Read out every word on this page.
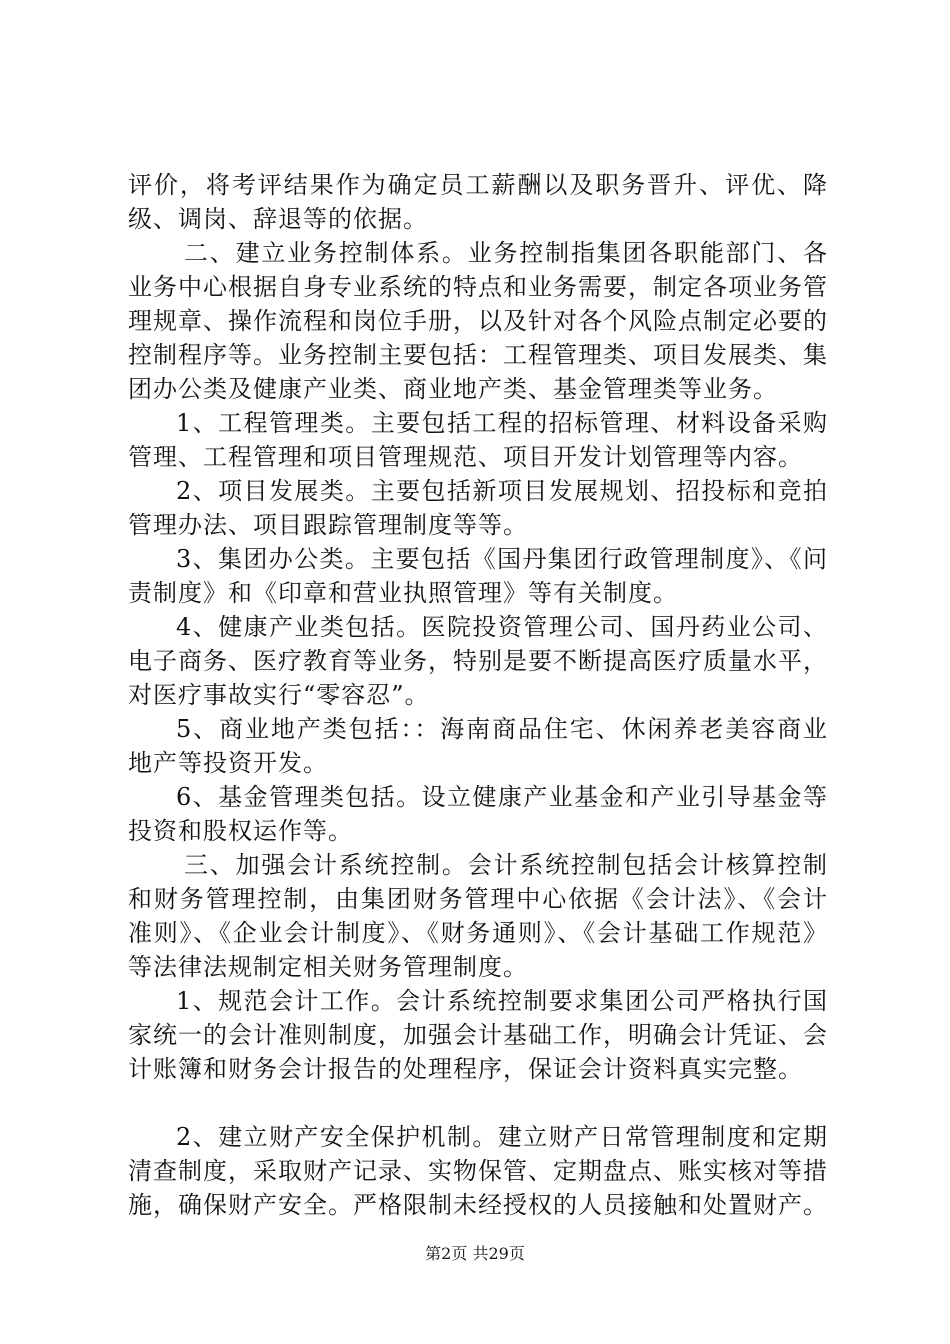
评价，将考评结果作为确定员工薪酬以及职务晋升、评优、降级、调岗、辞退等的依据。

二、建立业务控制体系。业务控制指集团各职能部门、各业务中心根据自身专业系统的特点和业务需要，制定各项业务管理规章、操作流程和岗位手册，以及针对各个风险点制定必要的控制程序等。业务控制主要包括：工程管理类、项目发展类、集团办公类及健康产业类、商业地产类、基金管理类等业务。

1、工程管理类。主要包括工程的招标管理、材料设备采购管理、工程管理和项目管理规范、项目开发计划管理等内容。

2、项目发展类。主要包括新项目发展规划、招投标和竞拍管理办法、项目跟踪管理制度等等。

3、集团办公类。主要包括《国丹集团行政管理制度》、《问责制度》和《印章和营业执照管理》等有关制度。

4、健康产业类包括。医院投资管理公司、国丹药业公司、电子商务、医疗教育等业务，特别是要不断提高医疗质量水平，对医疗事故实行“零容忍”。

5、商业地产类包括：：海南商品住宅、休闲养老美容商业地产等投资开发。

6、基金管理类包括。设立健康产业基金和产业引导基金等投资和股权运作等。

三、加强会计系统控制。会计系统控制包括会计核算控制和财务管理控制，由集团财务管理中心依据《会计法》、《会计准则》、《企业会计制度》、《财务通则》、《会计基础工作规范》等法律法规制定相关财务管理制度。

1、规范会计工作。会计系统控制要求集团公司严格执行国家统一的会计准则制度，加强会计基础工作，明确会计凭证、会计账簿和财务会计报告的处理程序，保证会计资料真实完整。

2、建立财产安全保护机制。建立财产日常管理制度和定期清查制度，采取财产记录、实物保管、定期盘点、账实核对等措施，确保财产安全。严格限制未经授权的人员接触和处置财产。

第2页 共29页
